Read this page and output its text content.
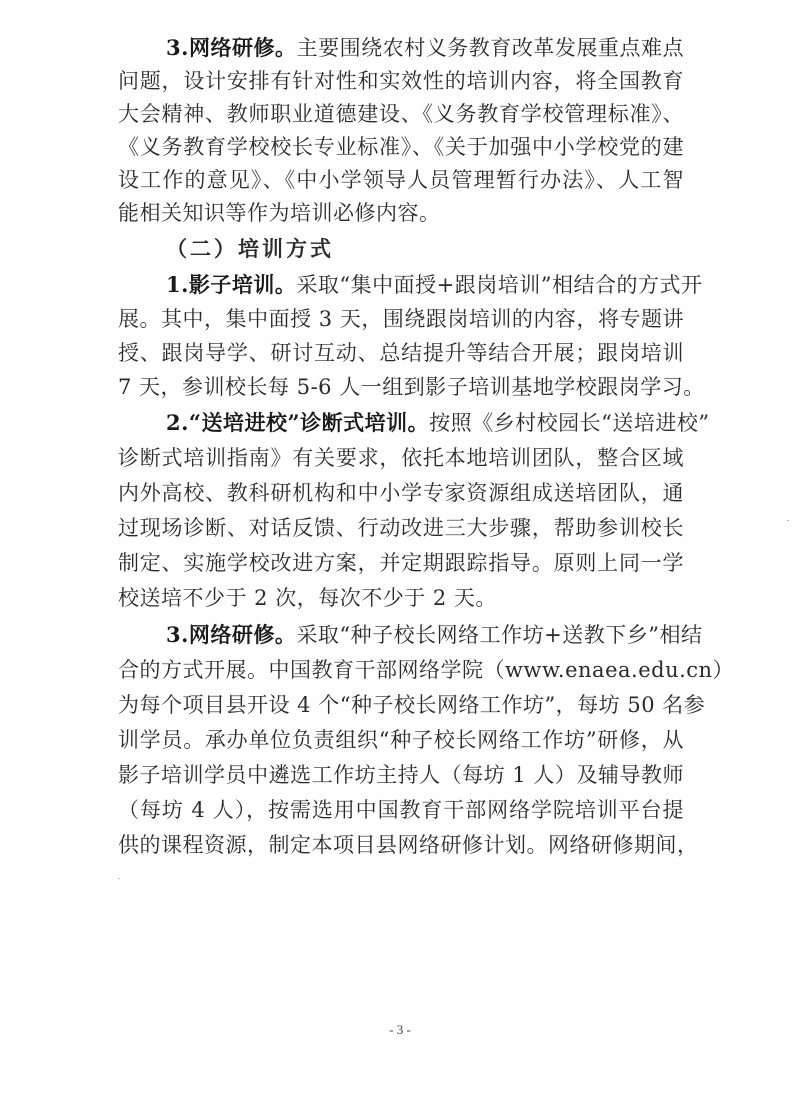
3.网络研修。主要围绕农村义务教育改革发展重点难点
问题，设计安排有针对性和实效性的培训内容，将全国教育
大会精神、教师职业道德建设、《义务教育学校管理标准》、
《义务教育学校校长专业标准》、《关于加强中小学校党的建
设工作的意见》、《中小学领导人员管理暂行办法》、人工智
能相关知识等作为培训必修内容。
（二）培训方式
1.影子培训。采取“集中面授+跟岗培训”相结合的方式开
展。其中，集中面授 3 天，围绕跟岗培训的内容，将专题讲
授、跟岗导学、研讨互动、总结提升等结合开展；跟岗培训
7 天，参训校长每 5-6 人一组到影子培训基地学校跟岗学习。
2.“送培进校”诊断式培训。按照《乡村校园长“送培进校”
诊断式培训指南》有关要求，依托本地培训团队，整合区域
内外高校、教科研机构和中小学专家资源组成送培团队，通
过现场诊断、对话反馈、行动改进三大步骤，帮助参训校长
制定、实施学校改进方案，并定期跟踪指导。原则上同一学
校送培不少于 2 次，每次不少于 2 天。
3.网络研修。采取“种子校长网络工作坊+送教下乡”相结
合的方式开展。中国教育干部网络学院（www.enaea.edu.cn）
为每个项目县开设 4 个“种子校长网络工作坊”，每坊 50 名参
训学员。承办单位负责组织“种子校长网络工作坊”研修，从
影子培训学员中遴选工作坊主持人（每坊 1 人）及辅导教师
（每坊 4 人），按需选用中国教育干部网络学院培训平台提
供的课程资源，制定本项目县网络研修计划。网络研修期间，
- 3 -
